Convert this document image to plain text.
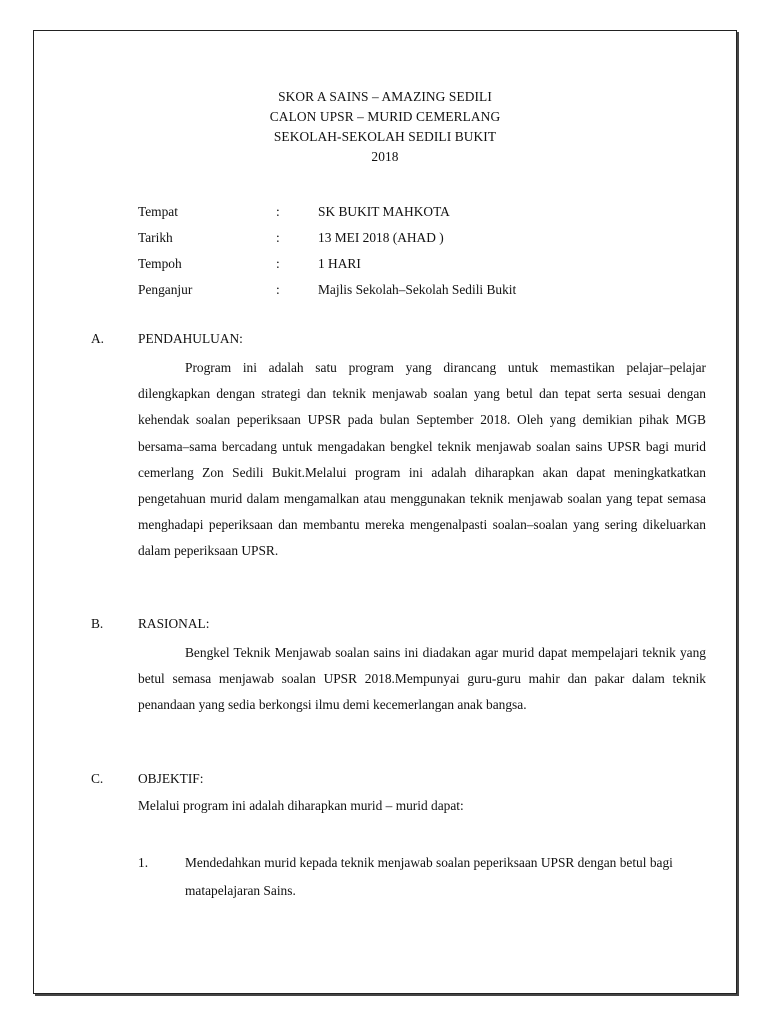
SKOR A SAINS – AMAZING SEDILI
CALON UPSR – MURID CEMERLANG
SEKOLAH-SEKOLAH SEDILI BUKIT
2018
Tempat	:	SK BUKIT MAHKOTA
Tarikh	:	13 MEI 2018 (AHAD )
Tempoh	:	1 HARI
Penganjur	:	Majlis Sekolah–Sekolah Sedili Bukit
A.	PENDAHULUAN:

Program ini adalah satu program yang dirancang untuk memastikan pelajar–pelajar dilengkapkan dengan strategi dan teknik menjawab soalan yang betul dan tepat serta sesuai dengan kehendak soalan peperiksaan UPSR pada bulan September 2018. Oleh yang demikian pihak MGB bersama–sama bercadang untuk mengadakan bengkel teknik menjawab soalan sains UPSR bagi murid cemerlang Zon Sedili Bukit.Melalui program ini adalah diharapkan akan dapat meningkatkatkan pengetahuan murid dalam mengamalkan atau menggunakan teknik menjawab soalan yang tepat semasa menghadapi peperiksaan dan membantu mereka mengenalpasti soalan–soalan yang sering dikeluarkan dalam peperiksaan UPSR.

B.	RASIONAL:

Bengkel Teknik Menjawab soalan sains ini diadakan agar murid dapat mempelajari teknik yang betul semasa menjawab soalan UPSR 2018.Mempunyai guru-guru mahir dan pakar dalam teknik penandaan yang sedia berkongsi ilmu demi kecemerlangan anak bangsa.

C.	OBJEKTIF:

Melalui program ini adalah diharapkan murid – murid dapat:

1.	Mendedahkan murid kepada teknik menjawab soalan peperiksaan UPSR dengan betul bagi matapelajaran Sains.
